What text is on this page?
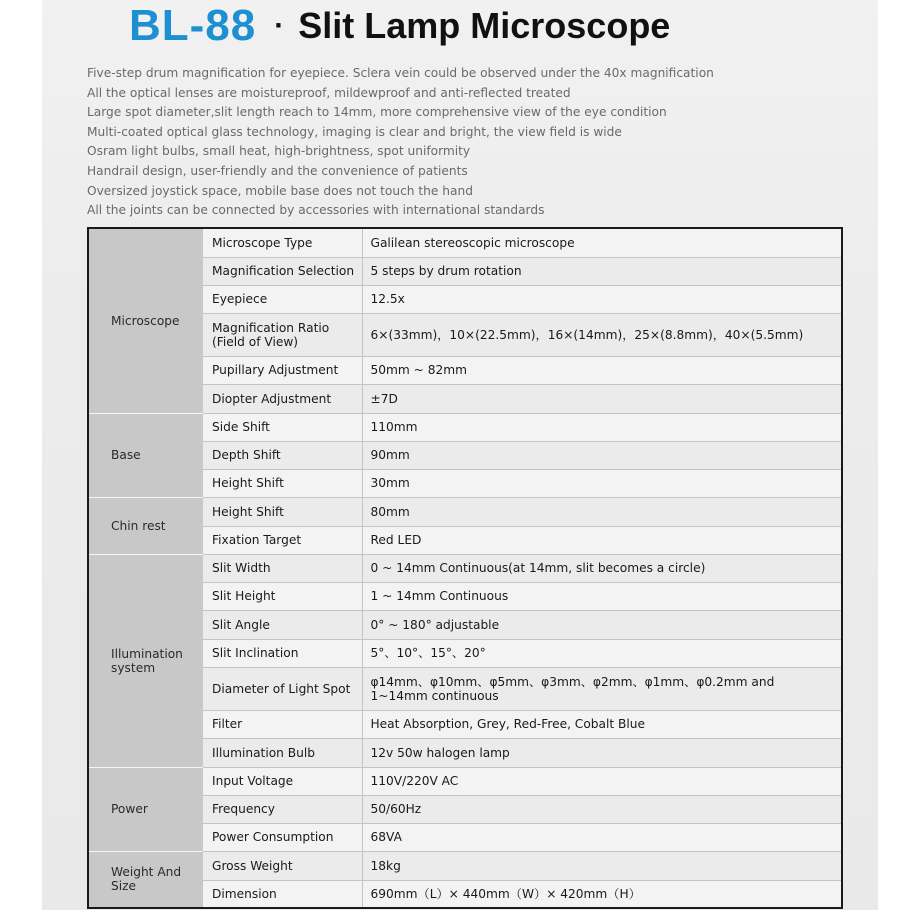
BL-88 · Slit Lamp Microscope
Five-step drum magnification for eyepiece. Sclera vein could be observed under the 40x magnification
All the optical lenses are moistureproof, mildewproof and anti-reflected treated
Large spot diameter,slit length reach to 14mm, more comprehensive view of the eye condition
Multi-coated optical glass technology, imaging is clear and bright, the view field is wide
Osram light bulbs, small heat, high-brightness, spot uniformity
Handrail design, user-friendly and the convenience of patients
Oversized joystick space, mobile base does not touch the hand
All the joints can be connected by accessories with international standards
Microscope	Microscope Type	Galilean stereoscopic microscope
	Magnification Selection	5 steps by drum rotation
	Eyepiece	12.5x
	Magnification Ratio (Field of View)	6×(33mm)，10×(22.5mm)，16×(14mm)，25×(8.8mm)，40×(5.5mm)
	Pupillary Adjustment	50mm ~ 82mm
	Diopter Adjustment	±7D
Base	Side Shift	110mm
	Depth Shift	90mm
	Height Shift	30mm
Chin rest	Height Shift	80mm
	Fixation Target	Red LED
Illumination system	Slit Width	0 ~ 14mm Continuous(at 14mm, slit becomes a circle)
	Slit Height	1 ~ 14mm Continuous
	Slit Angle	0° ~ 180° adjustable
	Slit Inclination	5°、10°、15°、20°
	Diameter of Light Spot	φ14mm、φ10mm、φ5mm、φ3mm、φ2mm、φ1mm、φ0.2mm and 1~14mm continuous
	Filter	Heat Absorption, Grey, Red-Free, Cobalt Blue
	Illumination Bulb	12v 50w halogen lamp
Power	Input Voltage	110V/220V AC
	Frequency	50/60Hz
	Power Consumption	68VA
Weight And Size	Gross Weight	18kg
	Dimension	690mm（L）× 440mm（W）× 420mm（H）
